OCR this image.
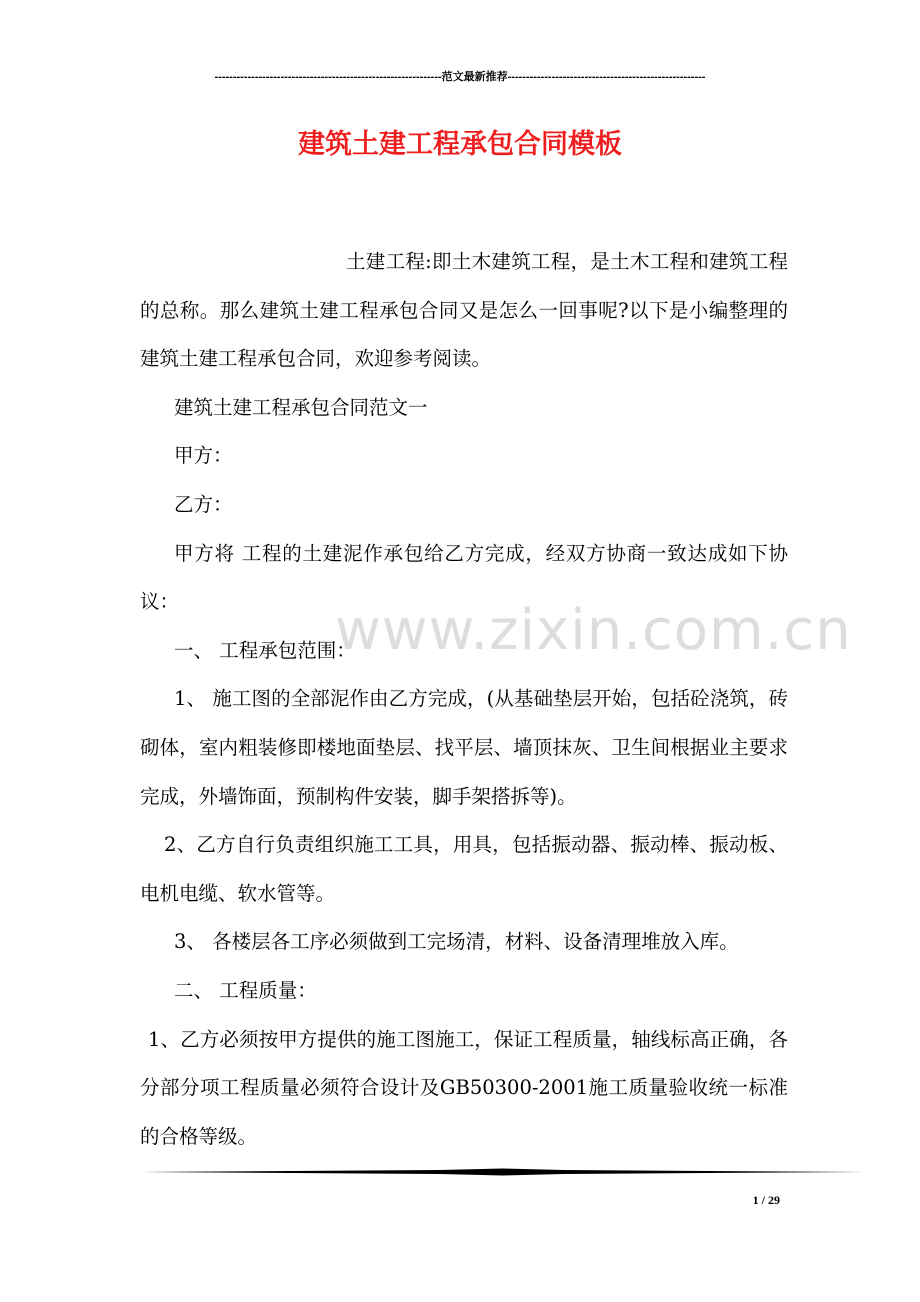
--------------------------------------------------------------范文最新推荐------------------------------------------------------
建筑土建工程承包合同模板

土建工程:即土木建筑工程，是土木工程和建筑工程的总称。那么建筑土建工程承包合同又是怎么一回事呢?以下是小编整理的建筑土建工程承包合同，欢迎参考阅读。

建筑土建工程承包合同范文一

甲方：

乙方：

甲方将 工程的土建泥作承包给乙方完成，经双方协商一致达成如下协议：

一、 工程承包范围：

1、 施工图的全部泥作由乙方完成，(从基础垫层开始，包括砼浇筑，砖砌体，室内粗装修即楼地面垫层、找平层、墙顶抹灰、卫生间根据业主要求完成，外墙饰面，预制构件安装，脚手架搭拆等)。

2、乙方自行负责组织施工工具，用具，包括振动器、振动棒、振动板、电机电缆、软水管等。

3、 各楼层各工序必须做到工完场清，材料、设备清理堆放入库。

二、 工程质量：

1、乙方必须按甲方提供的施工图施工，保证工程质量，轴线标高正确，各分部分项工程质量必须符合设计及GB50300-2001施工质量验收统一标准的合格等级。

www.zixin.com.cn
1 / 29
